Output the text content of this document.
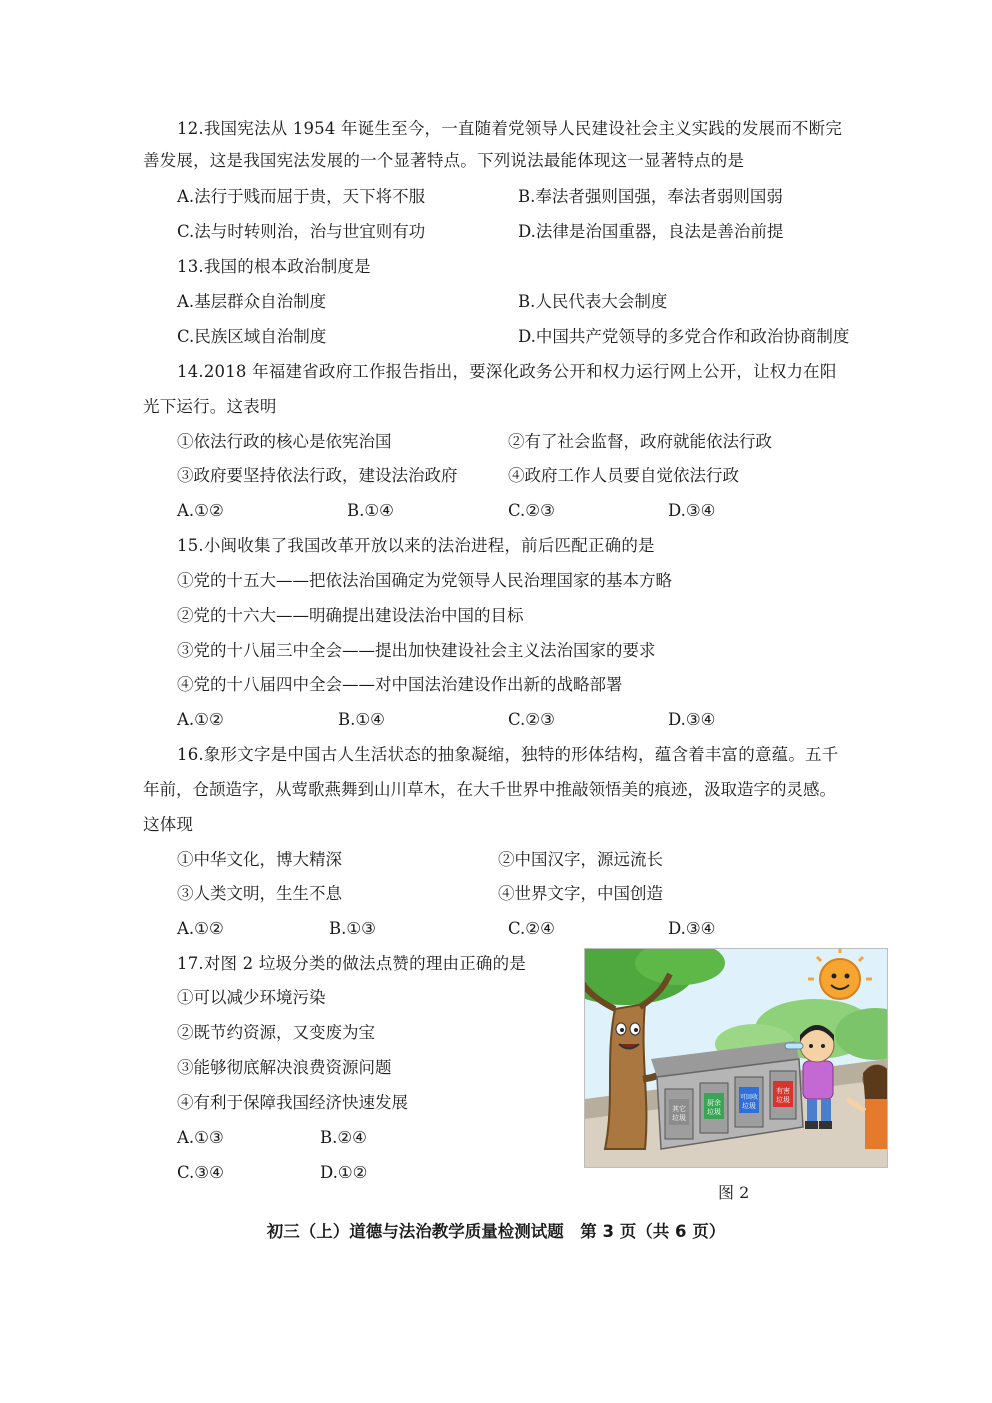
12.我国宪法从 1954 年诞生至今，一直随着党领导人民建设社会主义实践的发展而不断完
善发展，这是我国宪法发展的一个显著特点。下列说法最能体现这一显著特点的是
A.法行于贱而屈于贵，天下将不服	B.奉法者强则国强，奉法者弱则国弱
C.法与时转则治，治与世宜则有功	D.法律是治国重器，良法是善治前提
13.我国的根本政治制度是
A.基层群众自治制度	B.人民代表大会制度
C.民族区域自治制度	D.中国共产党领导的多党合作和政治协商制度
14.2018 年福建省政府工作报告指出，要深化政务公开和权力运行网上公开，让权力在阳
光下运行。这表明
①依法行政的核心是依宪治国	②有了社会监督，政府就能依法行政
③政府要坚持依法行政，建设法治政府	④政府工作人员要自觉依法行政
A.①②	B.①④	C.②③	D.③④
15.小闽收集了我国改革开放以来的法治进程，前后匹配正确的是
①党的十五大——把依法治国确定为党领导人民治理国家的基本方略
②党的十六大——明确提出建设法治中国的目标
③党的十八届三中全会——提出加快建设社会主义法治国家的要求
④党的十八届四中全会——对中国法治建设作出新的战略部署
A.①②	B.①④	C.②③	D.③④
16.象形文字是中国古人生活状态的抽象凝缩，独特的形体结构，蕴含着丰富的意蕴。五千
年前，仓颉造字，从莺歌燕舞到山川草木，在大千世界中推敲领悟美的痕迹，汲取造字的灵感。
这体现
①中华文化，博大精深	②中国汉字，源远流长
③人类文明，生生不息	④世界文字，中国创造
A.①②	B.①③	C.②④	D.③④
17.对图 2 垃圾分类的做法点赞的理由正确的是
①可以减少环境污染
②既节约资源，又变废为宝
③能够彻底解决浪费资源问题
④有利于保障我国经济快速发展
A.①③	B.②④
C.③④	D.①②
其它
垃圾
厨余
垃圾
可回收
垃圾
有害
垃圾
图 2
初三（上）道德与法治教学质量检测试题　第 3 页（共 6 页）
